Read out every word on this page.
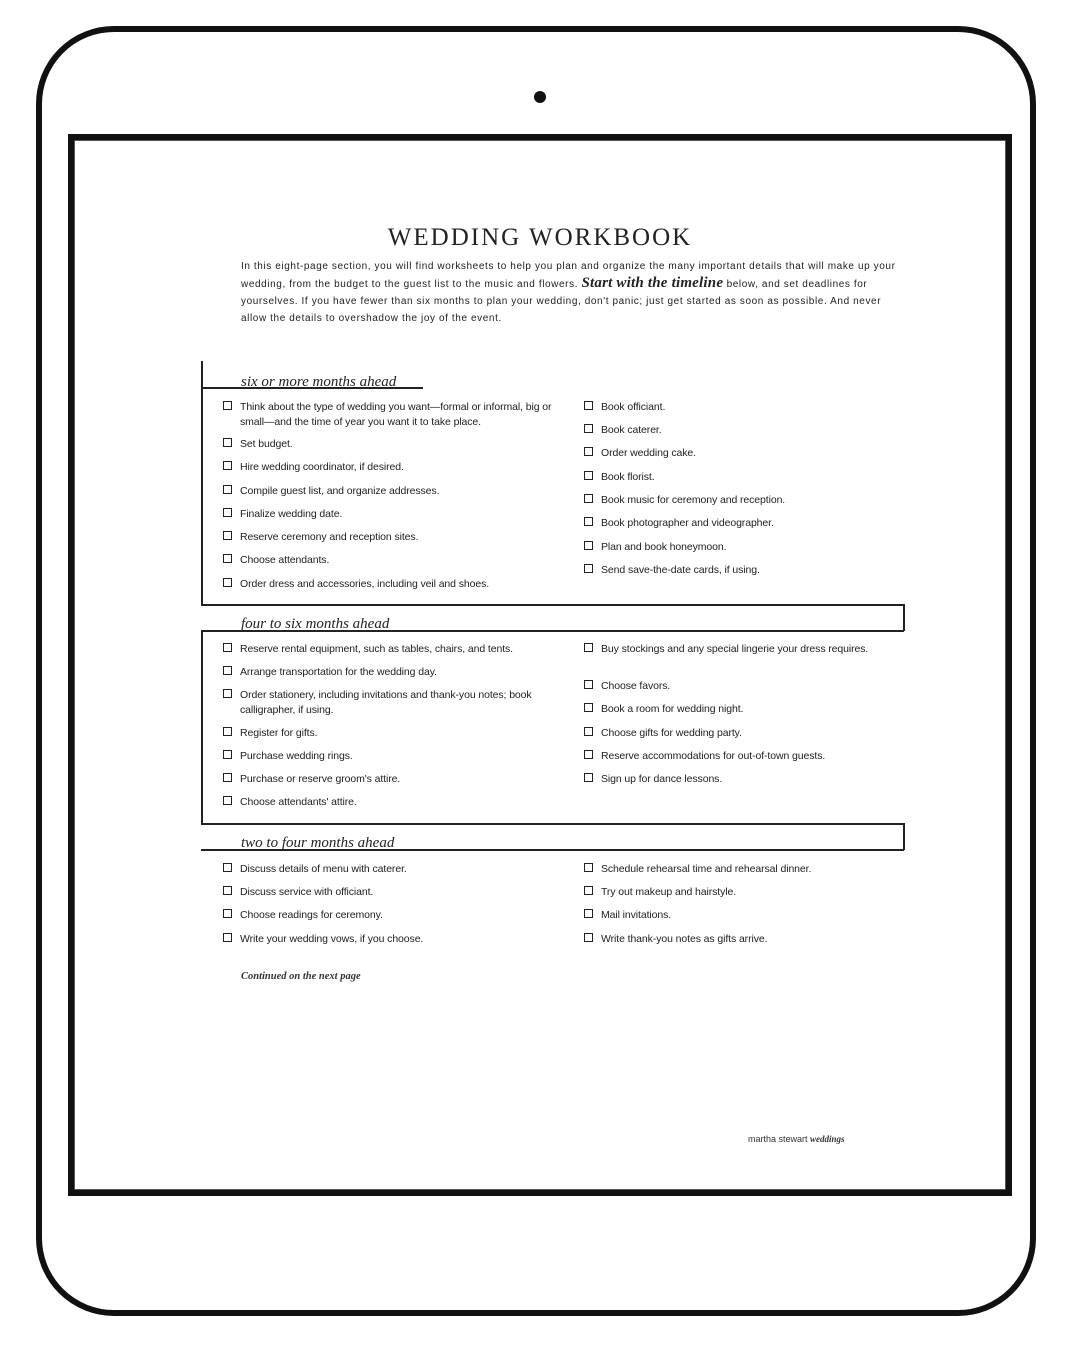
WEDDING WORKBOOK

In this eight-page section, you will find worksheets to help you plan and organize the many important details that will make up your wedding, from the budget to the guest list to the music and flowers. Start with the timeline below, and set deadlines for yourselves. If you have fewer than six months to plan your wedding, don't panic; just get started as soon as possible. And never allow the details to overshadow the joy of the event.

six or more months ahead
four to six months ahead
two to four months ahead
Think about the type of wedding you want—formal or informal, big or small—and the time of year you want it to take place.
Set budget.
Hire wedding coordinator, if desired.
Compile guest list, and organize addresses.
Finalize wedding date.
Reserve ceremony and reception sites.
Choose attendants.
Order dress and accessories, including veil and shoes.
Book officiant.
Book caterer.
Order wedding cake.
Book florist.
Book music for ceremony and reception.
Book photographer and videographer.
Plan and book honeymoon.
Send save-the-date cards, if using.
Reserve rental equipment, such as tables, chairs, and tents.
Arrange transportation for the wedding day.
Order stationery, including invitations and thank-you notes; book calligrapher, if using.
Register for gifts.
Purchase wedding rings.
Purchase or reserve groom's attire.
Choose attendants' attire.
Buy stockings and any special lingerie your dress requires.
Choose favors.
Book a room for wedding night.
Choose gifts for wedding party.
Reserve accommodations for out-of-town guests.
Sign up for dance lessons.
Discuss details of menu with caterer.
Discuss service with officiant.
Choose readings for ceremony.
Write your wedding vows, if you choose.
Schedule rehearsal time and rehearsal dinner.
Try out makeup and hairstyle.
Mail invitations.
Write thank-you notes as gifts arrive.

Continued on the next page

martha stewart weddings
